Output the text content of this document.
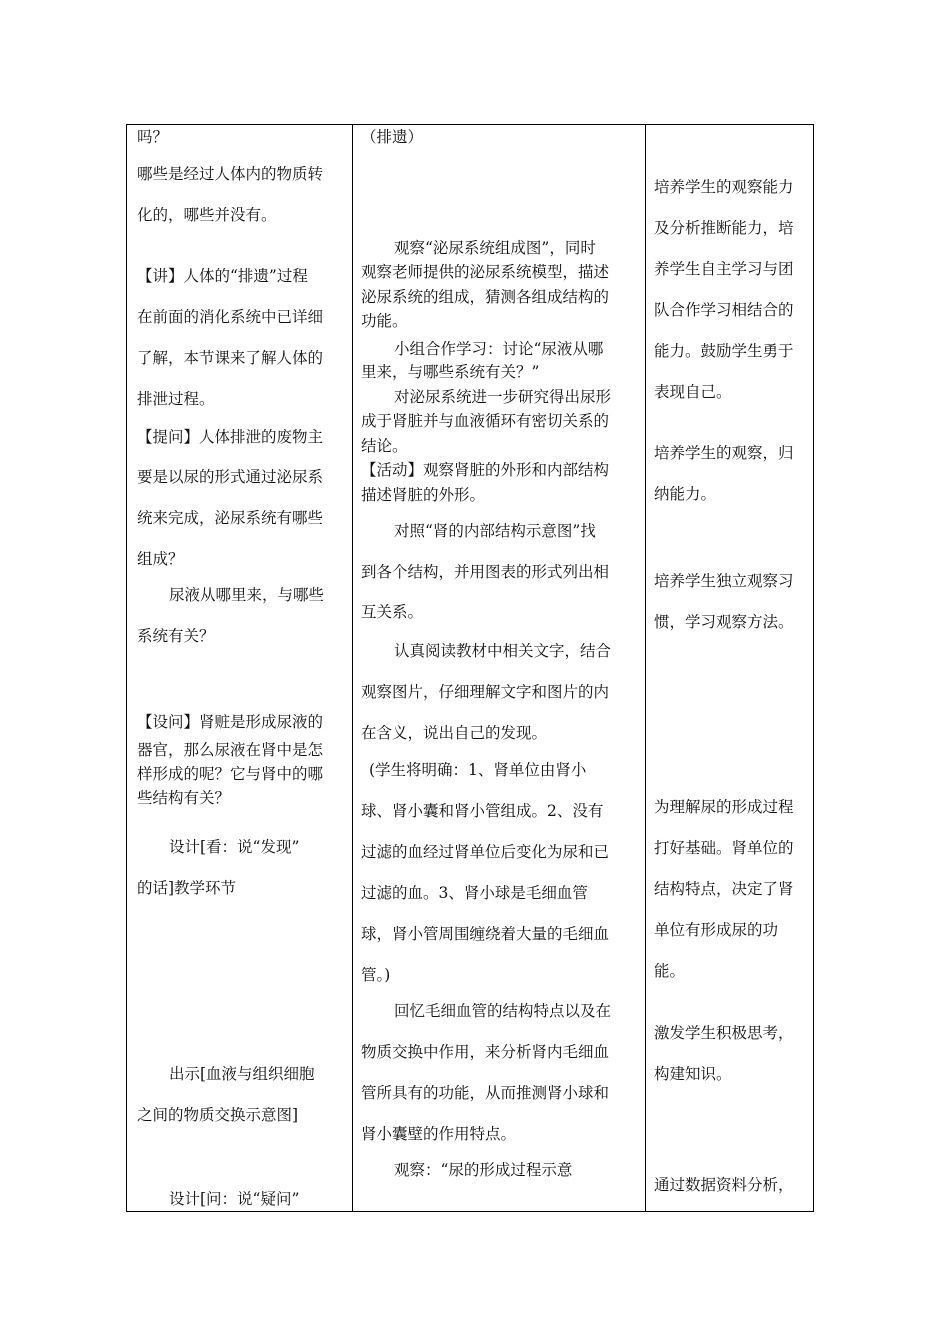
吗？
哪些是经过人体内的物质转
化的，哪些并没有。
【讲】人体的“排遗”过程
在前面的消化系统中已详细
了解，本节课来了解人体的
排泄过程。
【提问】人体排泄的废物主
要是以尿的形式通过泌尿系
统来完成，泌尿系统有哪些
组成？
尿液从哪里来，与哪些
系统有关？
【设问】肾赃是形成尿液的
器官，那么尿液在肾中是怎
样形成的呢？它与肾中的哪
些结构有关？
设计[看：说“发现”
的话]教学环节
出示[血液与组织细胞
之间的物质交换示意图]
设计[问：说“疑问”
（排遗）
观察“泌尿系统组成图”，同时
观察老师提供的泌尿系统模型，描述
泌尿系统的组成，猜测各组成结构的
功能。
小组合作学习：讨论“尿液从哪
里来，与哪些系统有关？”
对泌尿系统进一步研究得出尿形
成于肾脏并与血液循环有密切关系的
结论。
【活动】观察肾脏的外形和内部结构
描述肾脏的外形。
对照“肾的内部结构示意图”找
到各个结构，并用图表的形式列出相
互关系。
认真阅读教材中相关文字，结合
观察图片，仔细理解文字和图片的内
在含义，说出自己的发现。
(学生将明确：1、肾单位由肾小
球、肾小囊和肾小管组成。2、没有
过滤的血经过肾单位后变化为尿和已
过滤的血。3、肾小球是毛细血管
球，肾小管周围缠绕着大量的毛细血
管。)
回忆毛细血管的结构特点以及在
物质交换中作用，来分析肾内毛细血
管所具有的功能，从而推测肾小球和
肾小囊壁的作用特点。
观察：“尿的形成过程示意
培养学生的观察能力
及分析推断能力，培
养学生自主学习与团
队合作学习相结合的
能力。鼓励学生勇于
表现自己。
培养学生的观察，归
纳能力。
培养学生独立观察习
惯，学习观察方法。
为理解尿的形成过程
打好基础。肾单位的
结构特点，决定了肾
单位有形成尿的功
能。
激发学生积极思考，
构建知识。
通过数据资料分析，
